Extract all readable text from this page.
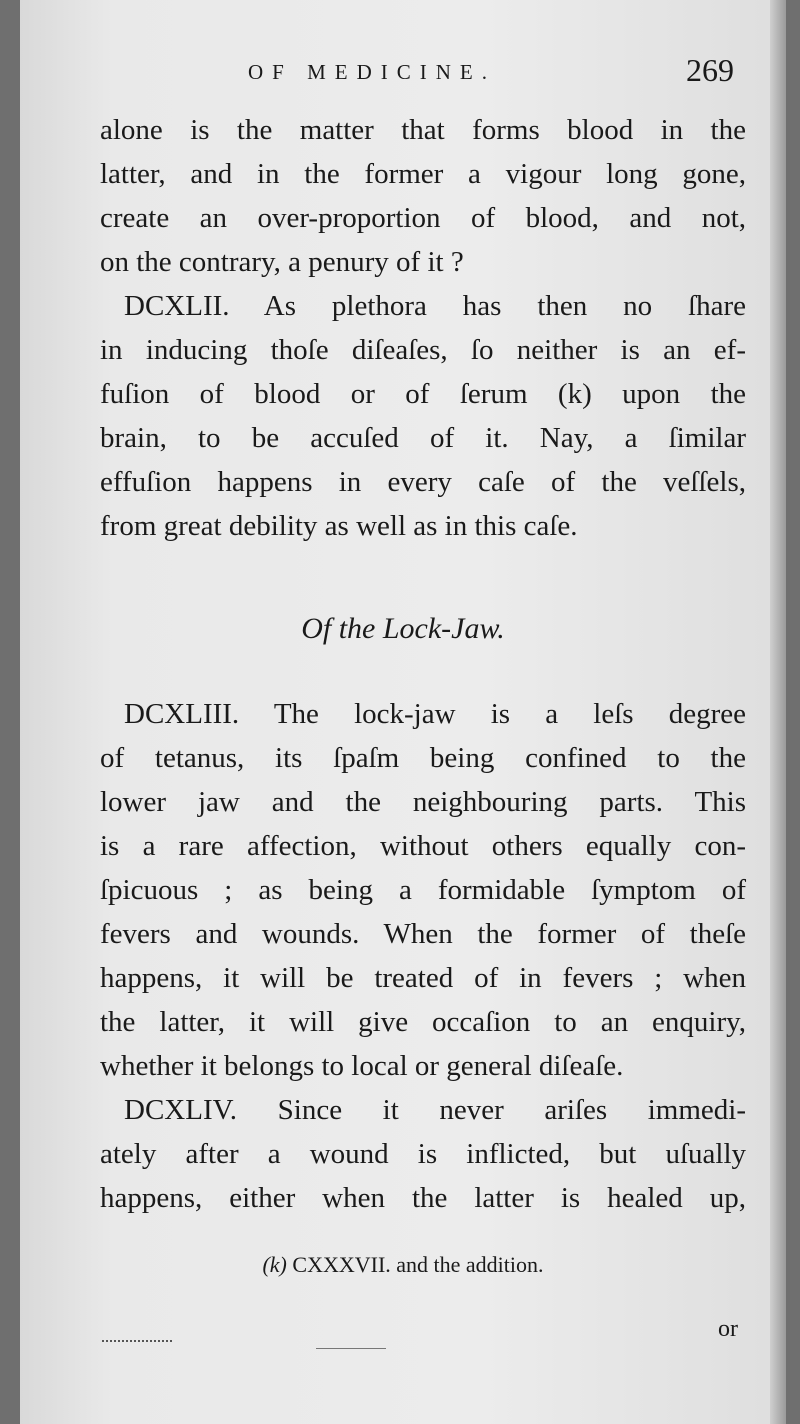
OF MEDICINE.	269
alone is the matter that forms blood in the
latter, and in the former a vigour long gone,
create an over-proportion of blood, and not,
on the contrary, a penury of it ?
DCXLII. As plethora has then no ſhare
in inducing thoſe diſeaſes, ſo neither is an ef-
fuſion of blood or of ſerum (k) upon the
brain, to be accuſed of it. Nay, a ſimilar
effuſion happens in every caſe of the veſſels,
from great debility as well as in this caſe.
Of the Lock-Jaw.
DCXLIII. The lock-jaw is a leſs degree
of tetanus, its ſpaſm being confined to the
lower jaw and the neighbouring parts. This
is a rare affection, without others equally con-
ſpicuous ; as being a formidable ſymptom of
fevers and wounds. When the former of theſe
happens, it will be treated of in fevers ; when
the latter, it will give occaſion to an enquiry,
whether it belongs to local or general diſeaſe.
DCXLIV. Since it never ariſes immedi-
ately after a wound is inflicted, but uſually
happens, either when the latter is healed up,
(k) CXXXVII. and the addition.
or
